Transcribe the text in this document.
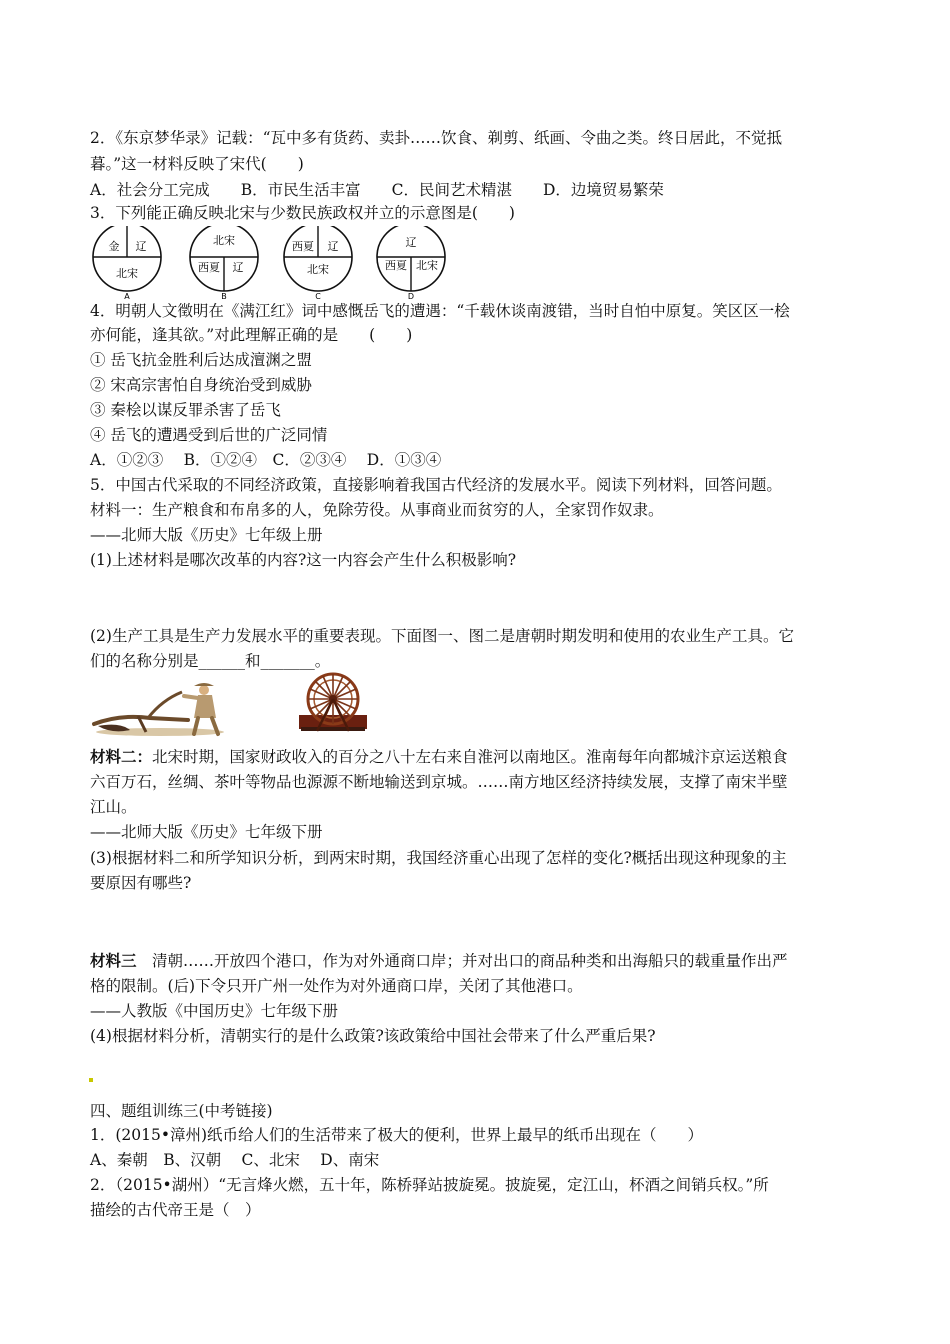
2．《东京梦华录》记载：“瓦中多有货药、卖卦……饮食、剃剪、纸画、令曲之类。终日居此，不觉抵
暮。”这一材料反映了宋代(　　)
A．社会分工完成　　B．市民生活丰富　　C．民间艺术精湛　　D．边境贸易繁荣
3．下列能正确反映北宋与少数民族政权并立的示意图是(　　)
金 辽
北宋
A
北宋
西夏 辽
B
西夏 辽
北宋
C
辽
西夏 北宋
D
4．明朝人文徵明在《满江红》词中感慨岳飞的遭遇：“千载休谈南渡错，当时自怕中原复。笑区区一桧
亦何能，逢其欲。”对此理解正确的是　　(　　)
① 岳飞抗金胜利后达成澶渊之盟
② 宋高宗害怕自身统治受到威胁
③ 秦桧以谋反罪杀害了岳飞
④ 岳飞的遭遇受到后世的广泛同情
A．①②③　 B．①②④　C．②③④　 D．①③④
5．中国古代采取的不同经济政策，直接影响着我国古代经济的发展水平。阅读下列材料，回答问题。
材料一：生产粮食和布帛多的人，免除劳役。从事商业而贫穷的人，全家罚作奴隶。
——北师大版《历史》七年级上册
(1)上述材料是哪次改革的内容?这一内容会产生什么积极影响?
(2)生产工具是生产力发展水平的重要表现。下面图一、图二是唐朝时期发明和使用的农业生产工具。它
们的名称分别是______和_______。
材料二：北宋时期，国家财政收入的百分之八十左右来自淮河以南地区。淮南每年向都城汴京运送粮食
六百万石，丝绸、茶叶等物品也源源不断地输送到京城。……南方地区经济持续发展，支撑了南宋半壁
江山。
——北师大版《历史》七年级下册
(3)根据材料二和所学知识分析，到两宋时期，我国经济重心出现了怎样的变化?概括出现这种现象的主
要原因有哪些?
材料三　清朝……开放四个港口，作为对外通商口岸；并对出口的商品种类和出海船只的载重量作出严
格的限制。(后)下令只开广州一处作为对外通商口岸，关闭了其他港口。
——人教版《中国历史》七年级下册
(4)根据材料分析，清朝实行的是什么政策?该政策给中国社会带来了什么严重后果?
四、题组训练三(中考链接)
1．(2015•漳州)纸币给人们的生活带来了极大的便利，世界上最早的纸币出现在（　　）
A、秦朝　B、汉朝　 C、北宋　 D、南宋
2．（2015•湖州）“无言烽火燃，五十年，陈桥驿站披旋冕。披旋冕，定江山，杯酒之间销兵权。”所
描绘的古代帝王是（　）
